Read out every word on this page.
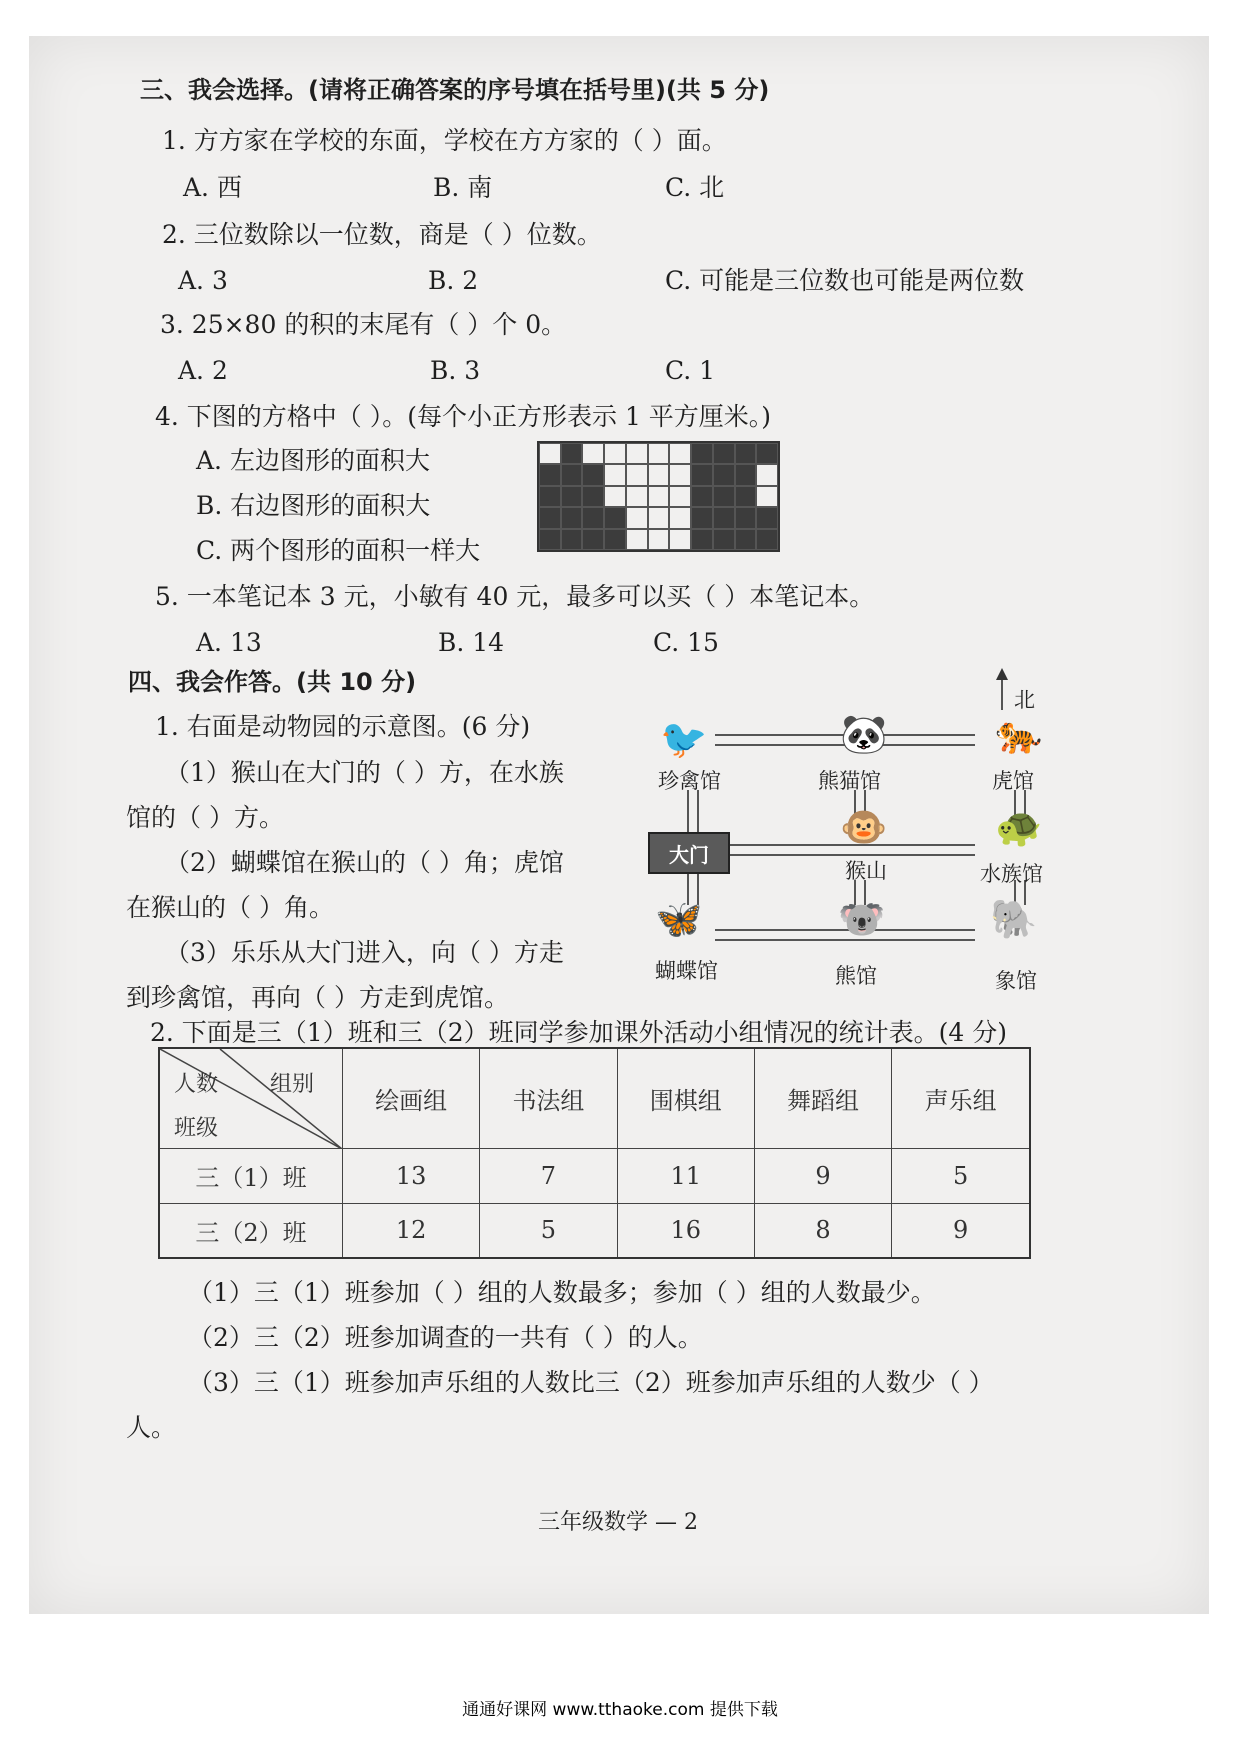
三、我会选择。(请将正确答案的序号填在括号里)(共 5 分)
1. 方方家在学校的东面，学校在方方家的（ ）面。
A. 西	B. 南	C. 北
2. 三位数除以一位数，商是（ ）位数。
A. 3	B. 2	C. 可能是三位数也可能是两位数
3. 25×80 的积的末尾有（ ）个 0。
A. 2	B. 3	C. 1
4. 下图的方格中（ ）。(每个小正方形表示 1 平方厘米。)
A. 左边图形的面积大
B. 右边图形的面积大
C. 两个图形的面积一样大
5. 一本笔记本 3 元，小敏有 40 元，最多可以买（ ）本笔记本。
A. 13	B. 14	C. 15
四、我会作答。(共 10 分)
1. 右面是动物园的示意图。(6 分)
（1）猴山在大门的（ ）方，在水族
馆的（ ）方。
（2）蝴蝶馆在猴山的（ ）角；虎馆
在猴山的（ ）角。
（3）乐乐从大门进入，向（ ）方走
到珍禽馆，再向（ ）方走到虎馆。
北
大门
🐦	🐼	🐅
🐵	🐢
🦋	🐨	🐘
珍禽馆	熊猫馆	虎馆
猴山	水族馆
蝴蝶馆	熊馆	象馆
2. 下面是三（1）班和三（2）班同学参加课外活动小组情况的统计表。(4 分)
人数 组别
班级	绘画组	书法组	围棋组	舞蹈组	声乐组
三（1）班	13	7	11	9	5
三（2）班	12	5	16	8	9
（1）三（1）班参加（ ）组的人数最多；参加（ ）组的人数最少。
（2）三（2）班参加调查的一共有（ ）的人。
（3）三（1）班参加声乐组的人数比三（2）班参加声乐组的人数少（ ）
人。
三年级数学 — 2
通通好课网 www.tthaoke.com 提供下载
